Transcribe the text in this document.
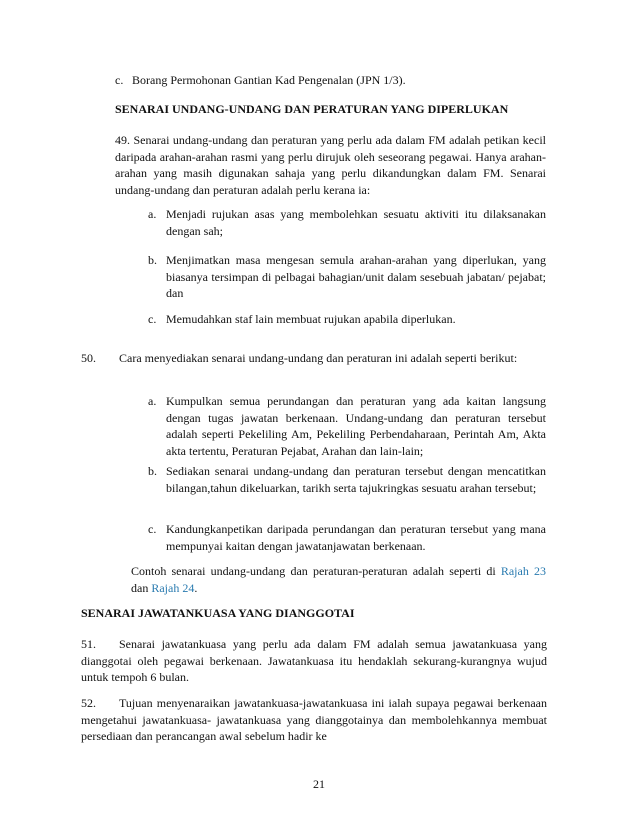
c. Borang Permohonan Gantian Kad Pengenalan (JPN 1/3).
SENARAI UNDANG-UNDANG DAN PERATURAN YANG DIPERLUKAN

49. Senarai undang-undang dan peraturan yang perlu ada dalam FM adalah petikan kecil daripada arahan-arahan rasmi yang perlu dirujuk oleh seseorang pegawai. Hanya arahan-arahan yang masih digunakan sahaja yang perlu dikandungkan dalam FM. Senarai undang-undang dan peraturan adalah perlu kerana ia:

a. Menjadi rujukan asas yang membolehkan sesuatu aktiviti itu dilaksanakan dengan sah;
b. Menjimatkan masa mengesan semula arahan-arahan yang diperlukan, yang biasanya tersimpan di pelbagai bahagian/unit dalam sesebuah jabatan/ pejabat; dan
c. Memudahkan staf lain membuat rujukan apabila diperlukan.
50. Cara menyediakan senarai undang-undang dan peraturan ini adalah seperti berikut:
a. Kumpulkan semua perundangan dan peraturan yang ada kaitan langsung dengan tugas jawatan berkenaan. Undang-undang dan peraturan tersebut adalah seperti Pekeliling Am, Pekeliling Perbendaharaan, Perintah Am, Akta akta tertentu, Peraturan Pejabat, Arahan dan lain-lain;
b. Sediakan senarai undang-undang dan peraturan tersebut dengan mencatitkan bilangan,tahun dikeluarkan, tarikh serta tajukringkas sesuatu arahan tersebut;
c. Kandungkanpetikan daripada perundangan dan peraturan tersebut yang mana mempunyai kaitan dengan jawatanjawatan berkenaan.
Contoh senarai undang-undang dan peraturan-peraturan adalah seperti di Rajah 23 dan Rajah 24.
SENARAI JAWATANKUASA YANG DIANGGOTAI
51. Senarai jawatankuasa yang perlu ada dalam FM adalah semua jawatankuasa yang dianggotai oleh pegawai berkenaan. Jawatankuasa itu hendaklah sekurang-kurangnya wujud untuk tempoh 6 bulan.
52. Tujuan menyenaraikan jawatankuasa-jawatankuasa ini ialah supaya pegawai berkenaan mengetahui jawatankuasa- jawatankuasa yang dianggotainya dan membolehkannya membuat persediaan dan perancangan awal sebelum hadir ke
21
